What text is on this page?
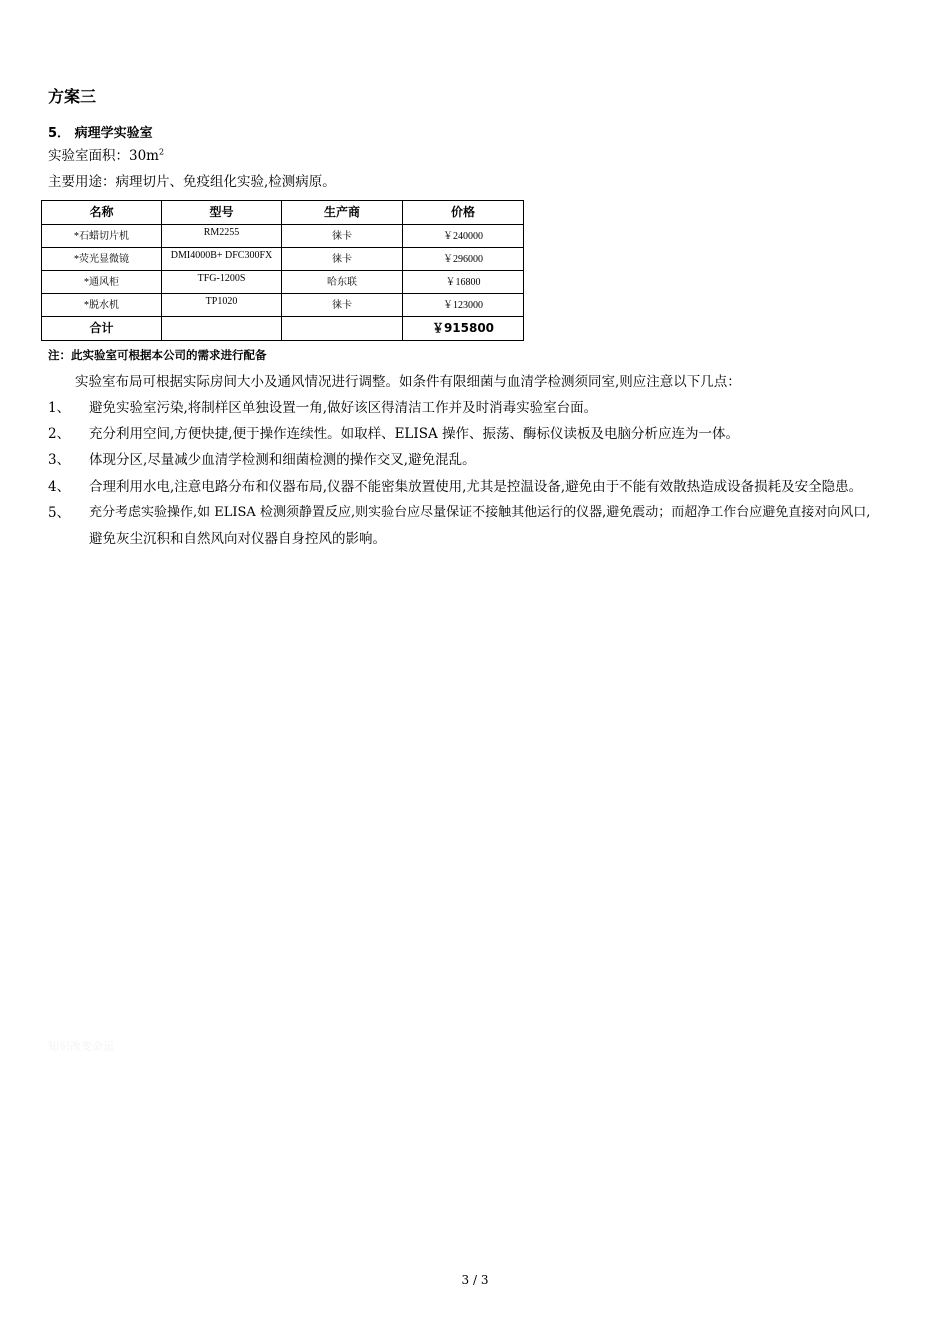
方案三
5． 病理学实验室
实验室面积：$30m^2$
主要用途：病理切片、免疫组化实验,检测病原。
名称	型号	生产商	价格
*石蜡切片机	RM2255	徕卡	￥240000
*荧光显微镜	DMI4000B+ DFC300FX	徕卡	￥296000
*通风柜	TFG-1200S	哈东联	￥16800
*脱水机	TP1020	徕卡	￥123000
合计			￥915800
注：此实验室可根据本公司的需求进行配备
实验室布局可根据实际房间大小及通风情况进行调整。如条件有限细菌与血清学检测须同室,则应注意以下几点：
1、 避免实验室污染,将制样区单独设置一角,做好该区得清洁工作并及时消毒实验室台面。
2、 充分利用空间,方便快捷,便于操作连续性。如取样、ELISA 操作、振荡、酶标仪读板及电脑分析应连为一体。
3、 体现分区,尽量减少血清学检测和细菌检测的操作交叉,避免混乱。
4、 合理利用水电,注意电路分布和仪器布局,仪器不能密集放置使用,尤其是控温设备,避免由于不能有效散热造成设备损耗及安全隐患。
5、 充分考虑实验操作,如 ELISA 检测须静置反应,则实验台应尽量保证不接触其他运行的仪器,避免震动；而超净工作台应避免直接对向风口,
避免灰尘沉积和自然风向对仪器自身控风的影响。
知识改变命运
3 / 3
